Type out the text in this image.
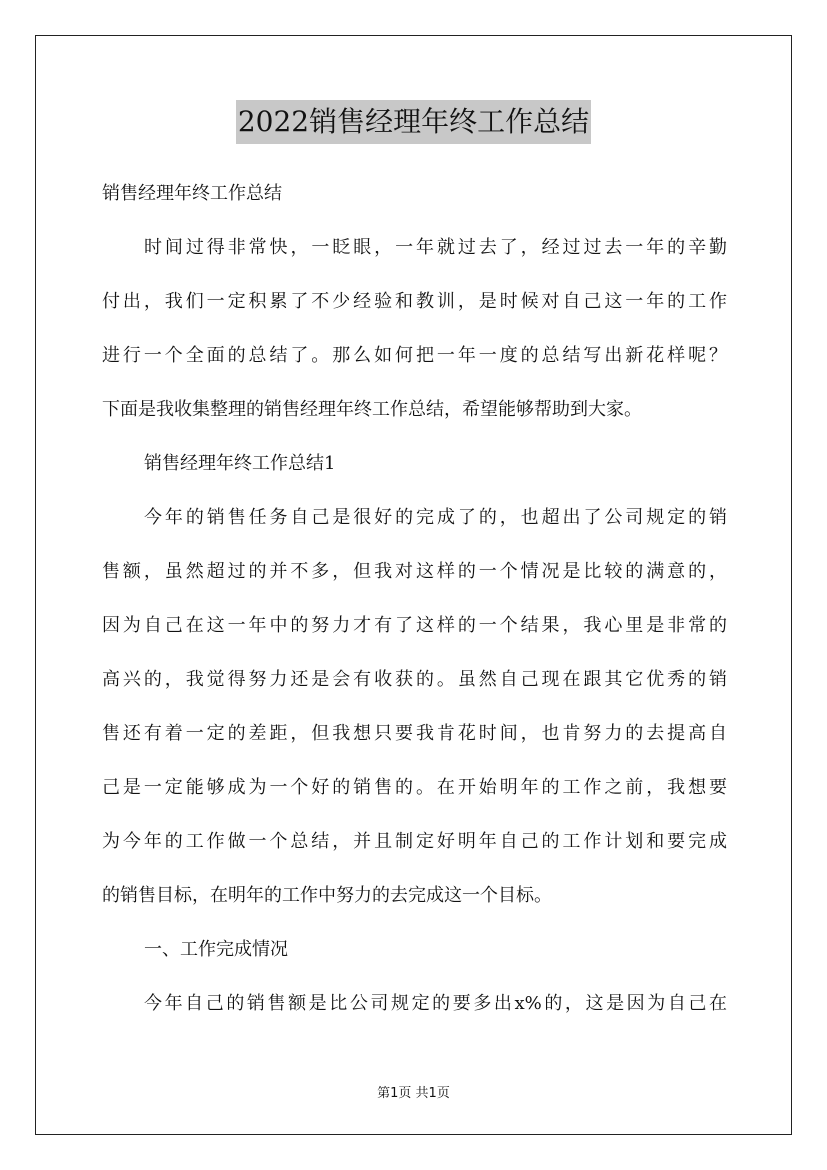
2022销售经理年终工作总结
销售经理年终工作总结
时间过得非常快，一眨眼，一年就过去了，经过过去一年的辛勤
付出，我们一定积累了不少经验和教训，是时候对自己这一年的工作
进行一个全面的总结了。那么如何把一年一度的总结写出新花样呢？
下面是我收集整理的销售经理年终工作总结，希望能够帮助到大家。
销售经理年终工作总结1
今年的销售任务自己是很好的完成了的，也超出了公司规定的销
售额，虽然超过的并不多，但我对这样的一个情况是比较的满意的，
因为自己在这一年中的努力才有了这样的一个结果，我心里是非常的
高兴的，我觉得努力还是会有收获的。虽然自己现在跟其它优秀的销
售还有着一定的差距，但我想只要我肯花时间，也肯努力的去提高自
己是一定能够成为一个好的销售的。在开始明年的工作之前，我想要
为今年的工作做一个总结，并且制定好明年自己的工作计划和要完成
的销售目标，在明年的工作中努力的去完成这一个目标。
一、工作完成情况
今年自己的销售额是比公司规定的要多出x%的，这是因为自己在
第1页 共1页
